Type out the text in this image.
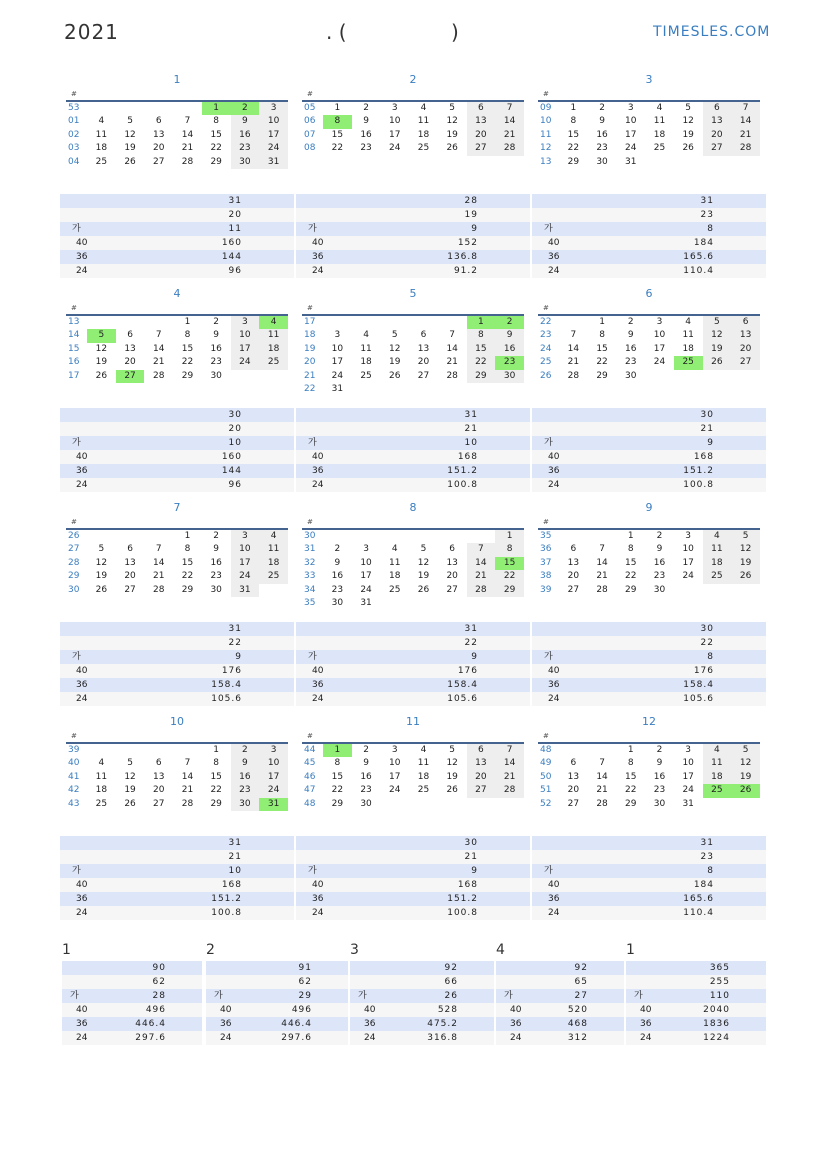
2021	. (	)	TIMESLES.COM
1
#
53					1	2	3
01	4	5	6	7	8	9	10
02	11	12	13	14	15	16	17
03	18	19	20	21	22	23	24
04	25	26	27	28	29	30	31
31
20
가	11
40	160
36	144
24	96
2
#
05	1	2	3	4	5	6	7
06	8	9	10	11	12	13	14
07	15	16	17	18	19	20	21
08	22	23	24	25	26	27	28
28
19
가	9
40	152
36	136.8
24	91.2
3
#
09	1	2	3	4	5	6	7
10	8	9	10	11	12	13	14
11	15	16	17	18	19	20	21
12	22	23	24	25	26	27	28
13	29	30	31				
31
23
가	8
40	184
36	165.6
24	110.4
4
#
13				1	2	3	4
14	5	6	7	8	9	10	11
15	12	13	14	15	16	17	18
16	19	20	21	22	23	24	25
17	26	27	28	29	30		
30
20
가	10
40	160
36	144
24	96
5
#
17						1	2
18	3	4	5	6	7	8	9
19	10	11	12	13	14	15	16
20	17	18	19	20	21	22	23
21	24	25	26	27	28	29	30
22	31						
31
21
가	10
40	168
36	151.2
24	100.8
6
#
22		1	2	3	4	5	6
23	7	8	9	10	11	12	13
24	14	15	16	17	18	19	20
25	21	22	23	24	25	26	27
26	28	29	30				
30
21
가	9
40	168
36	151.2
24	100.8
7
#
26				1	2	3	4
27	5	6	7	8	9	10	11
28	12	13	14	15	16	17	18
29	19	20	21	22	23	24	25
30	26	27	28	29	30	31	
31
22
가	9
40	176
36	158.4
24	105.6
8
#
30							1
31	2	3	4	5	6	7	8
32	9	10	11	12	13	14	15
33	16	17	18	19	20	21	22
34	23	24	25	26	27	28	29
35	30	31					
31
22
가	9
40	176
36	158.4
24	105.6
9
#
35			1	2	3	4	5
36	6	7	8	9	10	11	12
37	13	14	15	16	17	18	19
38	20	21	22	23	24	25	26
39	27	28	29	30			
30
22
가	8
40	176
36	158.4
24	105.6
10
#
39					1	2	3
40	4	5	6	7	8	9	10
41	11	12	13	14	15	16	17
42	18	19	20	21	22	23	24
43	25	26	27	28	29	30	31
31
21
가	10
40	168
36	151.2
24	100.8
11
#
44	1	2	3	4	5	6	7
45	8	9	10	11	12	13	14
46	15	16	17	18	19	20	21
47	22	23	24	25	26	27	28
48	29	30					
30
21
가	9
40	168
36	151.2
24	100.8
12
#
48			1	2	3	4	5
49	6	7	8	9	10	11	12
50	13	14	15	16	17	18	19
51	20	21	22	23	24	25	26
52	27	28	29	30	31		
31
23
가	8
40	184
36	165.6
24	110.4
1
90
62
가	28
40	496
36	446.4
24	297.6
2
91
62
가	29
40	496
36	446.4
24	297.6
3
92
66
가	26
40	528
36	475.2
24	316.8
4
92
65
가	27
40	520
36	468
24	312
1
365
255
가	110
40	2040
36	1836
24	1224
